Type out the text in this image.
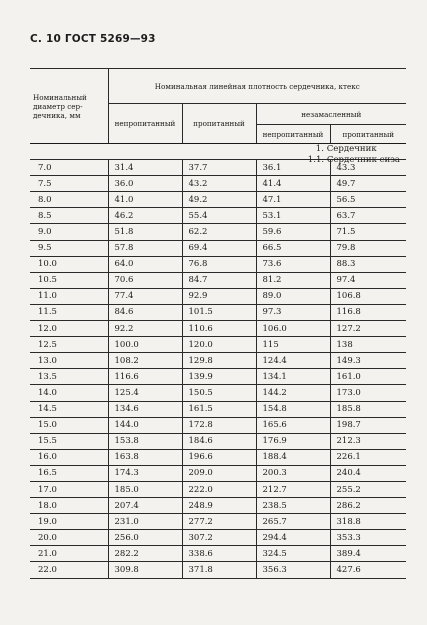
С. 10 ГОСТ 5269—93
Номинальный диаметр сердечника, мм	Номинальная линейная плотность сердечника, ктекс			
	непропитанный	пропитанный	незамасленный	
			непропитанный	пропитанный

1. Сердечник
1.1. Сердечник сиза				

7.0	31.4	37.7	36.1	43.3
7.5	36.0	43.2	41.4	49.7
8.0	41.0	49.2	47.1	56.5
8.5	46.2	55.4	53.1	63.7
9.0	51.8	62.2	59.6	71.5
9.5	57.8	69.4	66.5	79.8
10.0	64.0	76.8	73.6	88.3
10.5	70.6	84.7	81.2	97.4
11.0	77.4	92.9	89.0	106.8
11.5	84.6	101.5	97.3	116.8
12.0	92.2	110.6	106.0	127.2
12.5	100.0	120.0	115	138
13.0	108.2	129.8	124.4	149.3
13.5	116.6	139.9	134.1	161.0
14.0	125.4	150.5	144.2	173.0
14.5	134.6	161.5	154.8	185.8
15.0	144.0	172.8	165.6	198.7
15.5	153.8	184.6	176.9	212.3
16.0	163.8	196.6	188.4	226.1
16.5	174.3	209.0	200.3	240.4
17.0	185.0	222.0	212.7	255.2
18.0	207.4	248.9	238.5	286.2
19.0	231.0	277.2	265.7	318.8
20.0	256.0	307.2	294.4	353.3
21.0	282.2	338.6	324.5	389.4
22.0	309.8	371.8	356.3	427.6
